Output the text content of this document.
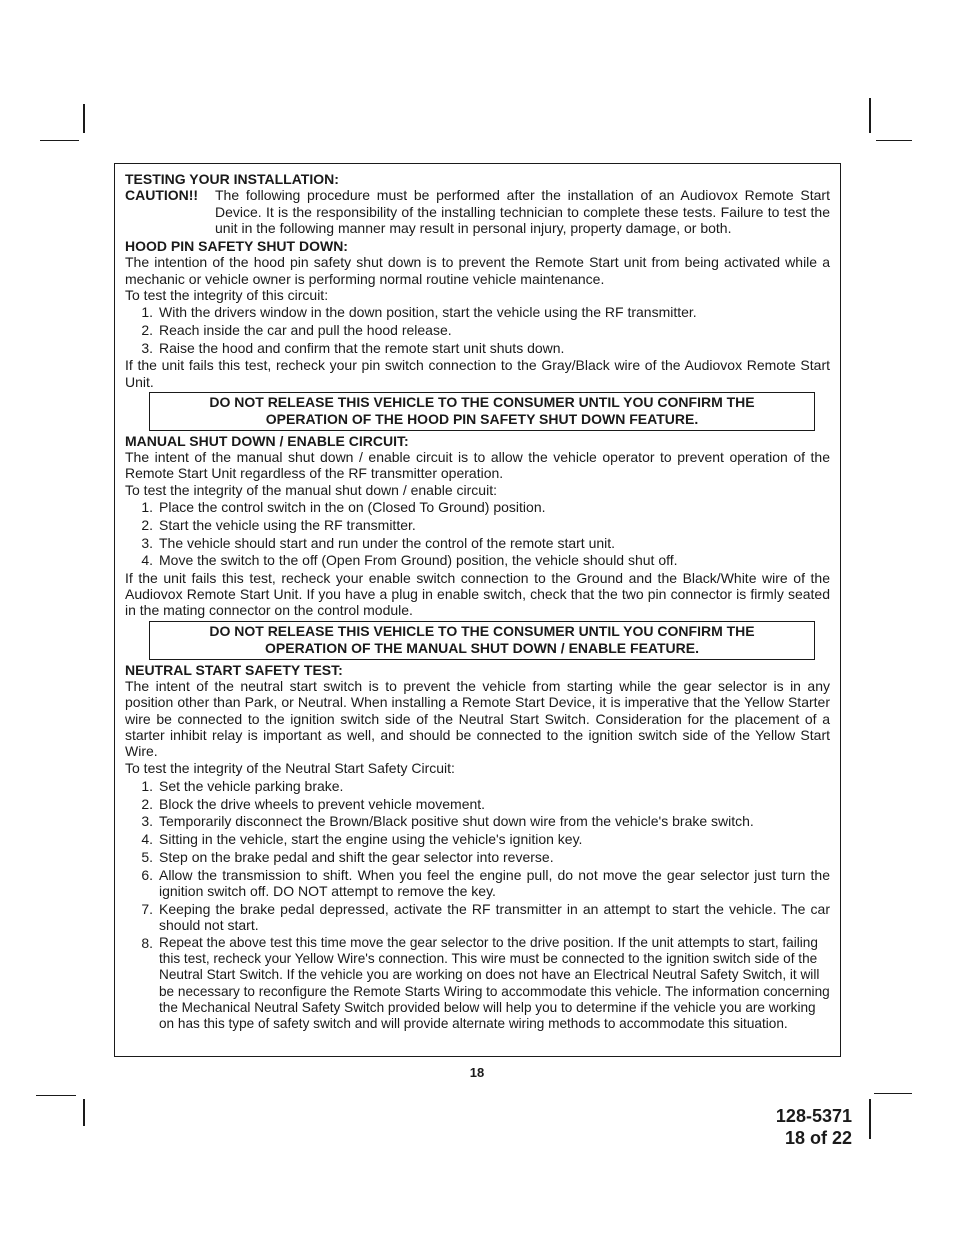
TESTING YOUR INSTALLATION:
CAUTION!!	The following procedure must be performed after the installation of an Audiovox Remote Start Device. It is the responsibility of the installing technician to complete these tests. Failure to test the unit in the following manner may result in personal injury, property damage, or both.
HOOD PIN SAFETY SHUT DOWN:
The intention of the hood pin safety shut down is to prevent the Remote Start unit from being activated while a mechanic or vehicle owner is performing normal routine vehicle maintenance.
To test the integrity of this circuit:
1. With the drivers window in the down position, start the vehicle using the RF transmitter.
2. Reach inside the car and pull the hood release.
3. Raise the hood and confirm that the remote start unit shuts down.
If the unit fails this test, recheck your pin switch connection to the Gray/Black wire of the Audiovox Remote Start Unit.
DO NOT RELEASE THIS VEHICLE TO THE CONSUMER UNTIL YOU CONFIRM THE
OPERATION OF THE HOOD PIN SAFETY SHUT DOWN FEATURE.
MANUAL SHUT DOWN / ENABLE CIRCUIT:
The intent of the manual shut down / enable circuit is to allow the vehicle operator to prevent operation of the Remote Start Unit regardless of the RF transmitter operation.
To test the integrity of the manual shut down / enable circuit:
1. Place the control switch in the on (Closed To Ground) position.
2. Start the vehicle using the RF transmitter.
3. The vehicle should start and run under the control of the remote start unit.
4. Move the switch to the off (Open From Ground) position, the vehicle should shut off.
If the unit fails this test, recheck your enable switch connection to the Ground and the Black/White wire of the Audiovox Remote Start Unit. If you have a plug in enable switch, check that the two pin connector is firmly seated in the mating connector on the control module.
DO NOT RELEASE THIS VEHICLE TO THE CONSUMER UNTIL YOU CONFIRM THE
OPERATION OF THE MANUAL SHUT DOWN / ENABLE FEATURE.
NEUTRAL START SAFETY TEST:
The intent of the neutral start switch is to prevent the vehicle from starting while the gear selector is in any position other than Park, or Neutral. When installing a Remote Start Device, it is imperative that the Yellow Starter wire be connected to the ignition switch side of the Neutral Start Switch. Consideration for the placement of a starter inhibit relay is important as well, and should be connected to the ignition switch side of the Yellow Start Wire.
To test the integrity of the Neutral Start Safety Circuit:
1. Set the vehicle parking brake.
2. Block the drive wheels to prevent vehicle movement.
3. Temporarily disconnect the Brown/Black positive shut down wire from the vehicle's brake switch.
4. Sitting in the vehicle, start the engine using the vehicle's ignition key.
5. Step on the brake pedal and shift the gear selector into reverse.
6. Allow the transmission to shift. When you feel the engine pull, do not move the gear selector just turn the ignition switch off. DO NOT attempt to remove the key.
7. Keeping the brake pedal depressed, activate the RF transmitter in an attempt to start the vehicle. The car should not start.
8. Repeat the above test this time move the gear selector to the drive position. If the unit attempts to start, failing this test, recheck your Yellow Wire's connection. This wire must be connected to the ignition switch side of the Neutral Start Switch. If the vehicle you are working on does not have an Electrical Neutral Safety Switch, it will be necessary to reconfigure the Remote Starts Wiring to accommodate this vehicle. The information concerning the Mechanical Neutral Safety Switch provided below will help you to determine if the vehicle you are working on has this type of safety switch and will provide alternate wiring methods to accommodate this situation.
18
128-5371
18 of 22
